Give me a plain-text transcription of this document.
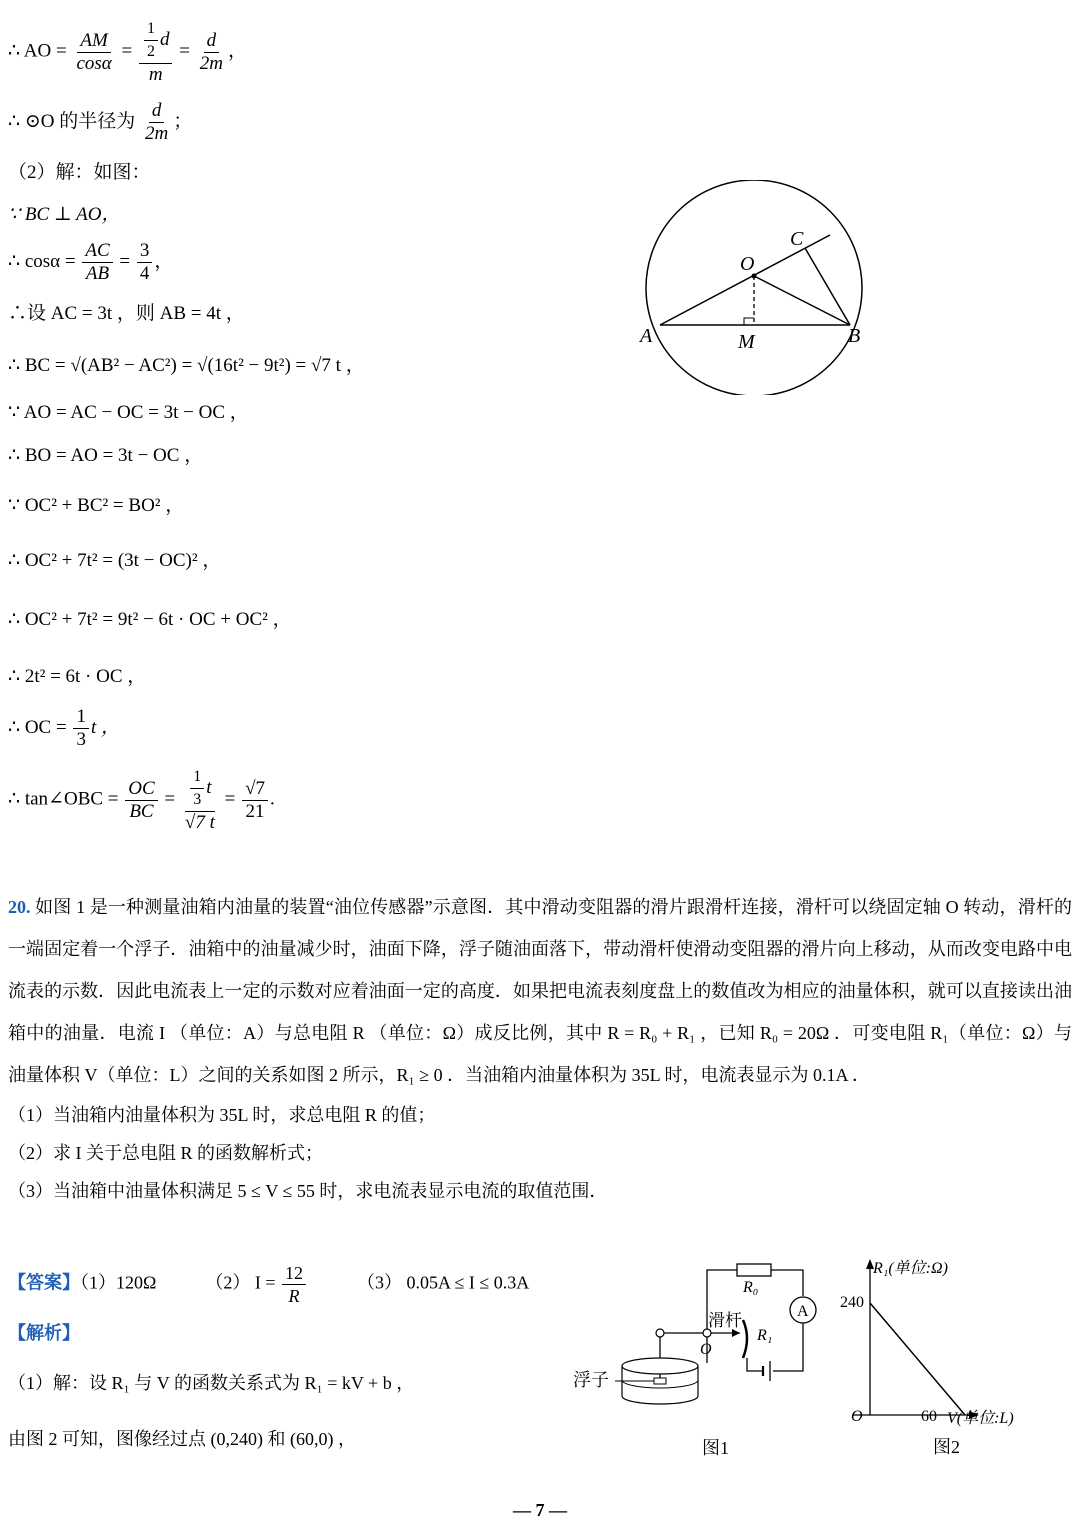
∴ AO = $\frac{AM}{\cos\alpha} = \frac{\frac{1}{2} d}{m} = \frac{d}{2m}$ ，
∴ ⊙O 的半径为 $\frac{d}{2m}$ ；
（2）解：如图：
∵ BC ⊥ AO，
∴ $\cos\alpha = \frac{AC}{AB} = \frac{3}{4}$ ，
∴设 AC = 3t ，则 AB = 4t ，
∴ BC = √(AB² − AC²) = √(16t² − 9t²) = √7 t ，
∵ AO = AC − OC = 3t − OC ，
∴ BO = AO = 3t − OC ，
∵ OC² + BC² = BO² ，
∴ OC² + 7t² = (3t − OC)² ，
∴ OC² + 7t² = 9t² − 6t · OC + OC² ，
∴ 2t² = 6t · OC ，
∴ OC = $\frac{1}{3}$ t ，
∴ tan∠OBC = $\frac{OC}{BC} = \frac{\frac{1}{3} t}{√7 t} = \frac{√7}{21}$ .
A	B
C
O
M
20. 如图 1 是一种测量油箱内油量的装置“油位传感器”示意图．其中滑动变阻器的滑片跟滑杆连接，滑杆可以绕固定轴 O 转动，滑杆的一端固定着一个浮子．油箱中的油量减少时，油面下降，浮子随油面落下，带动滑杆使滑动变阻器的滑片向上移动，从而改变电路中电流表的示数．因此电流表上一定的示数对应着油面一定的高度．如果把电流表刻度盘上的数值改为相应的油量体积，就可以直接读出油箱中的油量．电流 I （单位：A）与总电阻 R （单位：Ω）成反比例，其中 R = R₀ + R₁ ，已知 R₀ = 20Ω ．可变电阻 R₁（单位：Ω）与油量体积 V（单位：L）之间的关系如图 2 所示，R₁ ≥ 0 ．当油箱内油量体积为 35L 时，电流表显示为 0.1A ．
（1）当油箱内油量体积为 35L 时，求总电阻 R 的值；
（2）求 I 关于总电阻 R 的函数解析式；
（3）当油箱中油量体积满足 5 ≤ V ≤ 55 时，求电流表显示电流的取值范围．
【答案】（1）120Ω	（2） $I = \frac{12}{R}$	（3） 0.05A ≤ I ≤ 0.3A
【解析】
（1）解：设 R₁ 与 V 的函数关系式为 R₁ = kV + b ，
由图 2 可知，图像经过点 (0,240) 和 (60,0) ，
R₀
A
滑杆
R₁
O
浮子
图1
R₁(单位:Ω)
V(单位:L)
O
240
60
图2
— 7 —
